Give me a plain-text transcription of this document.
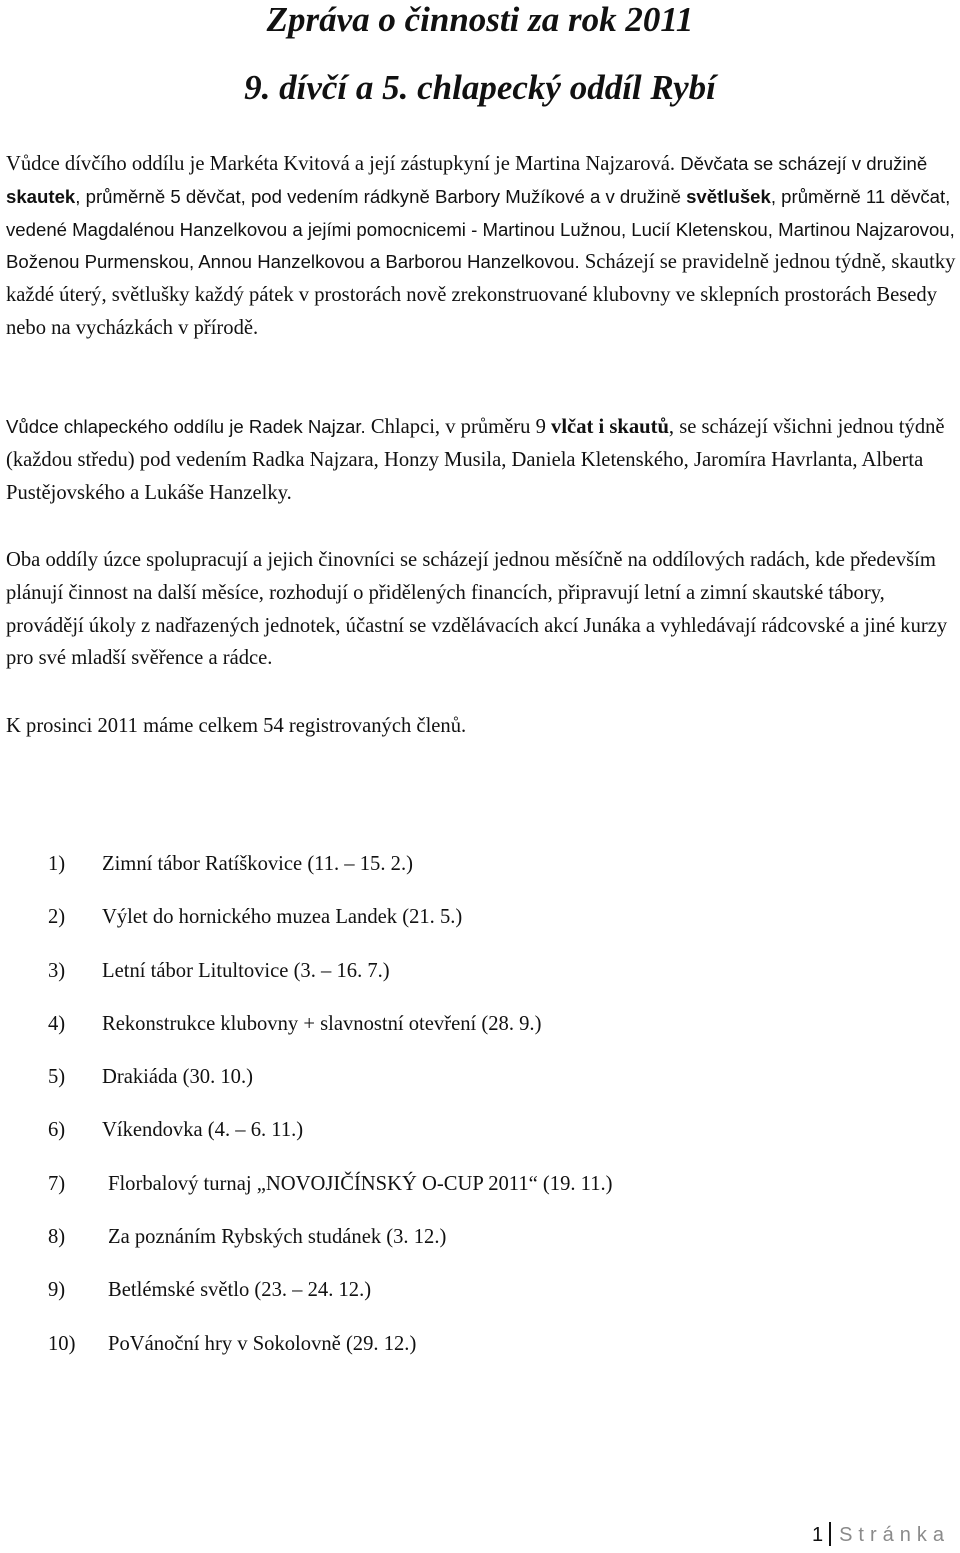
Zpráva o činnosti za rok 2011
9. dívčí a 5. chlapecký oddíl Rybí

Vůdce dívčího oddílu je Markéta Kvitová a její zástupkyní je Martina Najzarová. Děvčata se scházejí v družině skautek, průměrně 5 děvčat, pod vedením rádkyně Barbory Mužíkové a v družině světlušek, průměrně 11 děvčat, vedené Magdalénou Hanzelkovou a jejími pomocnicemi - Martinou Lužnou, Lucií Kletenskou, Martinou Najzarovou, Boženou Purmenskou, Annou Hanzelkovou a Barborou Hanzelkovou. Scházejí se pravidelně jednou týdně, skautky každé úterý, světlušky každý pátek v prostorách nově zrekonstruované klubovny ve sklepních prostorách Besedy nebo na vycházkách v přírodě.

Vůdce chlapeckého oddílu je Radek Najzar. Chlapci, v průměru 9 vlčat i skautů, se scházejí všichni jednou týdně (každou středu) pod vedením Radka Najzara, Honzy Musila, Daniela Kletenského, Jaromíra Havrlanta, Alberta Pustějovského a Lukáše Hanzelky.

Oba oddíly úzce spolupracují a jejich činovníci se scházejí jednou měsíčně na oddílových radách, kde především plánují činnost na další měsíce, rozhodují o přidělených financích, připravují letní a zimní skautské tábory, provádějí úkoly z nadřazených jednotek, účastní se vzdělávacích akcí Junáka a vyhledávají rádcovské a jiné kurzy pro své mladší svěřence a rádce.

K prosinci 2011 máme celkem 54 registrovaných členů.

1) Zimní tábor Ratíškovice (11. – 15. 2.)
2) Výlet do hornického muzea Landek (21. 5.)
3) Letní tábor Litultovice (3. – 16. 7.)
4) Rekonstrukce klubovny + slavnostní otevření (28. 9.)
5) Drakiáda (30. 10.)
6) Víkendovka (4. – 6. 11.)
7) Florbalový turnaj „NOVOJIČÍNSKÝ O-CUP 2011“ (19. 11.)
8) Za poznáním Rybských studánek (3. 12.)
9) Betlémské světlo (23. – 24. 12.)
10) PoVánoční hry v Sokolovně (29. 12.)
1 Stránka
